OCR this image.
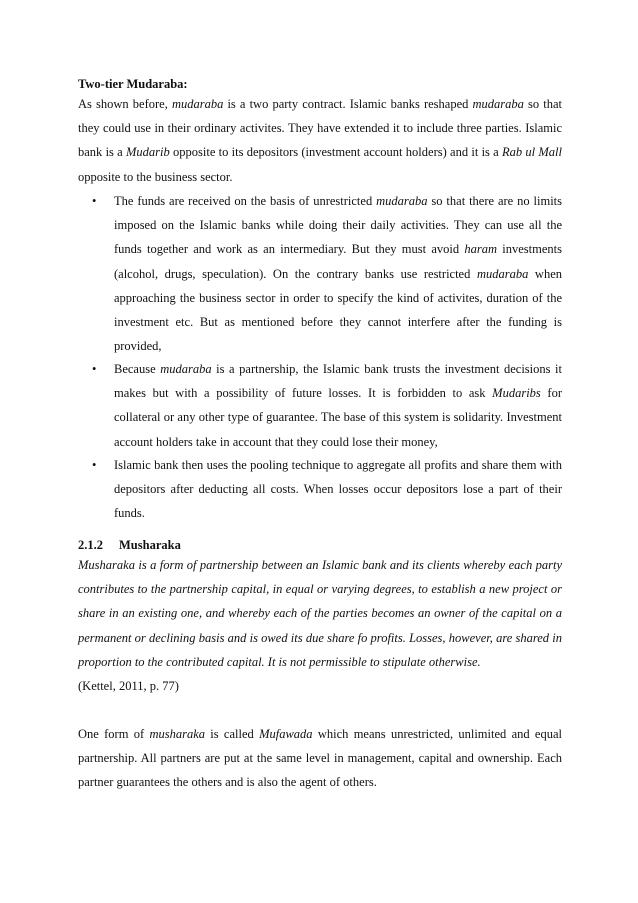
Two-tier Mudaraba:
As shown before, mudaraba is a two party contract. Islamic banks reshaped mudaraba so that they could use in their ordinary activites. They have extended it to include three parties. Islamic bank is a Mudarib opposite to its depositors (investment account holders) and it is a Rab ul Mall opposite to the business sector.
• The funds are received on the basis of unrestricted mudaraba so that there are no limits imposed on the Islamic banks while doing their daily activities. They can use all the funds together and work as an intermediary. But they must avoid haram investments (alcohol, drugs, speculation). On the contrary banks use restricted mudaraba when approaching the business sector in order to specify the kind of activites, duration of the investment etc. But as mentioned before they cannot interfere after the funding is provided,
• Because mudaraba is a partnership, the Islamic bank trusts the investment decisions it makes but with a possibility of future losses. It is forbidden to ask Mudaribs for collateral or any other type of guarantee. The base of this system is solidarity. Investment account holders take in account that they could lose their money,
• Islamic bank then uses the pooling technique to aggregate all profits and share them with depositors after deducting all costs. When losses occur depositors lose a part of their funds.
2.1.2 Musharaka
Musharaka is a form of partnership between an Islamic bank and its clients whereby each party contributes to the partnership capital, in equal or varying degrees, to establish a new project or share in an existing one, and whereby each of the parties becomes an owner of the capital on a permanent or declining basis and is owed its due share fo profits. Losses, however, are shared in proportion to the contributed capital. It is not permissible to stipulate otherwise.
(Kettel, 2011, p. 77)
One form of musharaka is called Mufawada which means unrestricted, unlimited and equal partnership. All partners are put at the same level in management, capital and ownership. Each partner guarantees the others and is also the agent of others.
